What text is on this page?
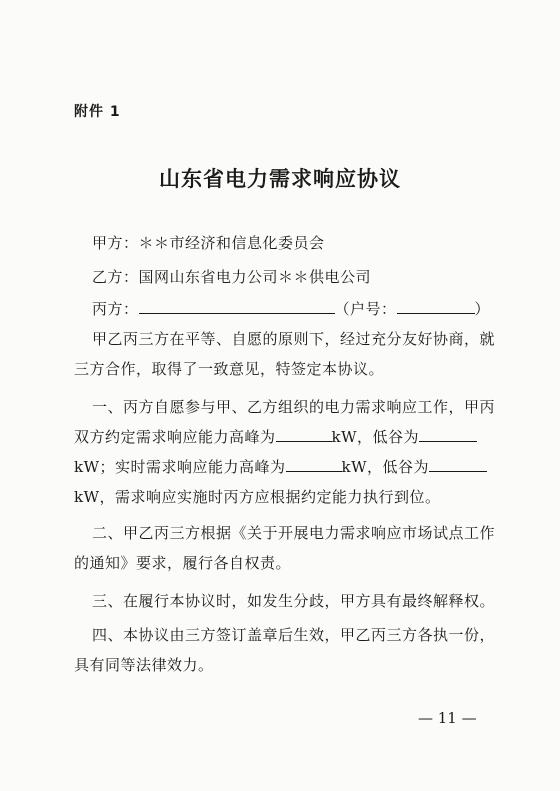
附件 1
山东省电力需求响应协议
甲方：＊＊市经济和信息化委员会
乙方：国网山东省电力公司＊＊供电公司
丙方：	（户号：	）
甲乙丙三方在平等、自愿的原则下，经过充分友好协商，就
三方合作，取得了一致意见，特签定本协议。
一、丙方自愿参与甲、乙方组织的电力需求响应工作，甲丙
双方约定需求响应能力高峰为	kW，低谷为
kW；实时需求响应能力高峰为	kW，低谷为
kW，需求响应实施时丙方应根据约定能力执行到位。
二、甲乙丙三方根据《关于开展电力需求响应市场试点工作
的通知》要求，履行各自权责。
三、在履行本协议时，如发生分歧，甲方具有最终解释权。
四、本协议由三方签订盖章后生效，甲乙丙三方各执一份，
具有同等法律效力。
— 11 —
